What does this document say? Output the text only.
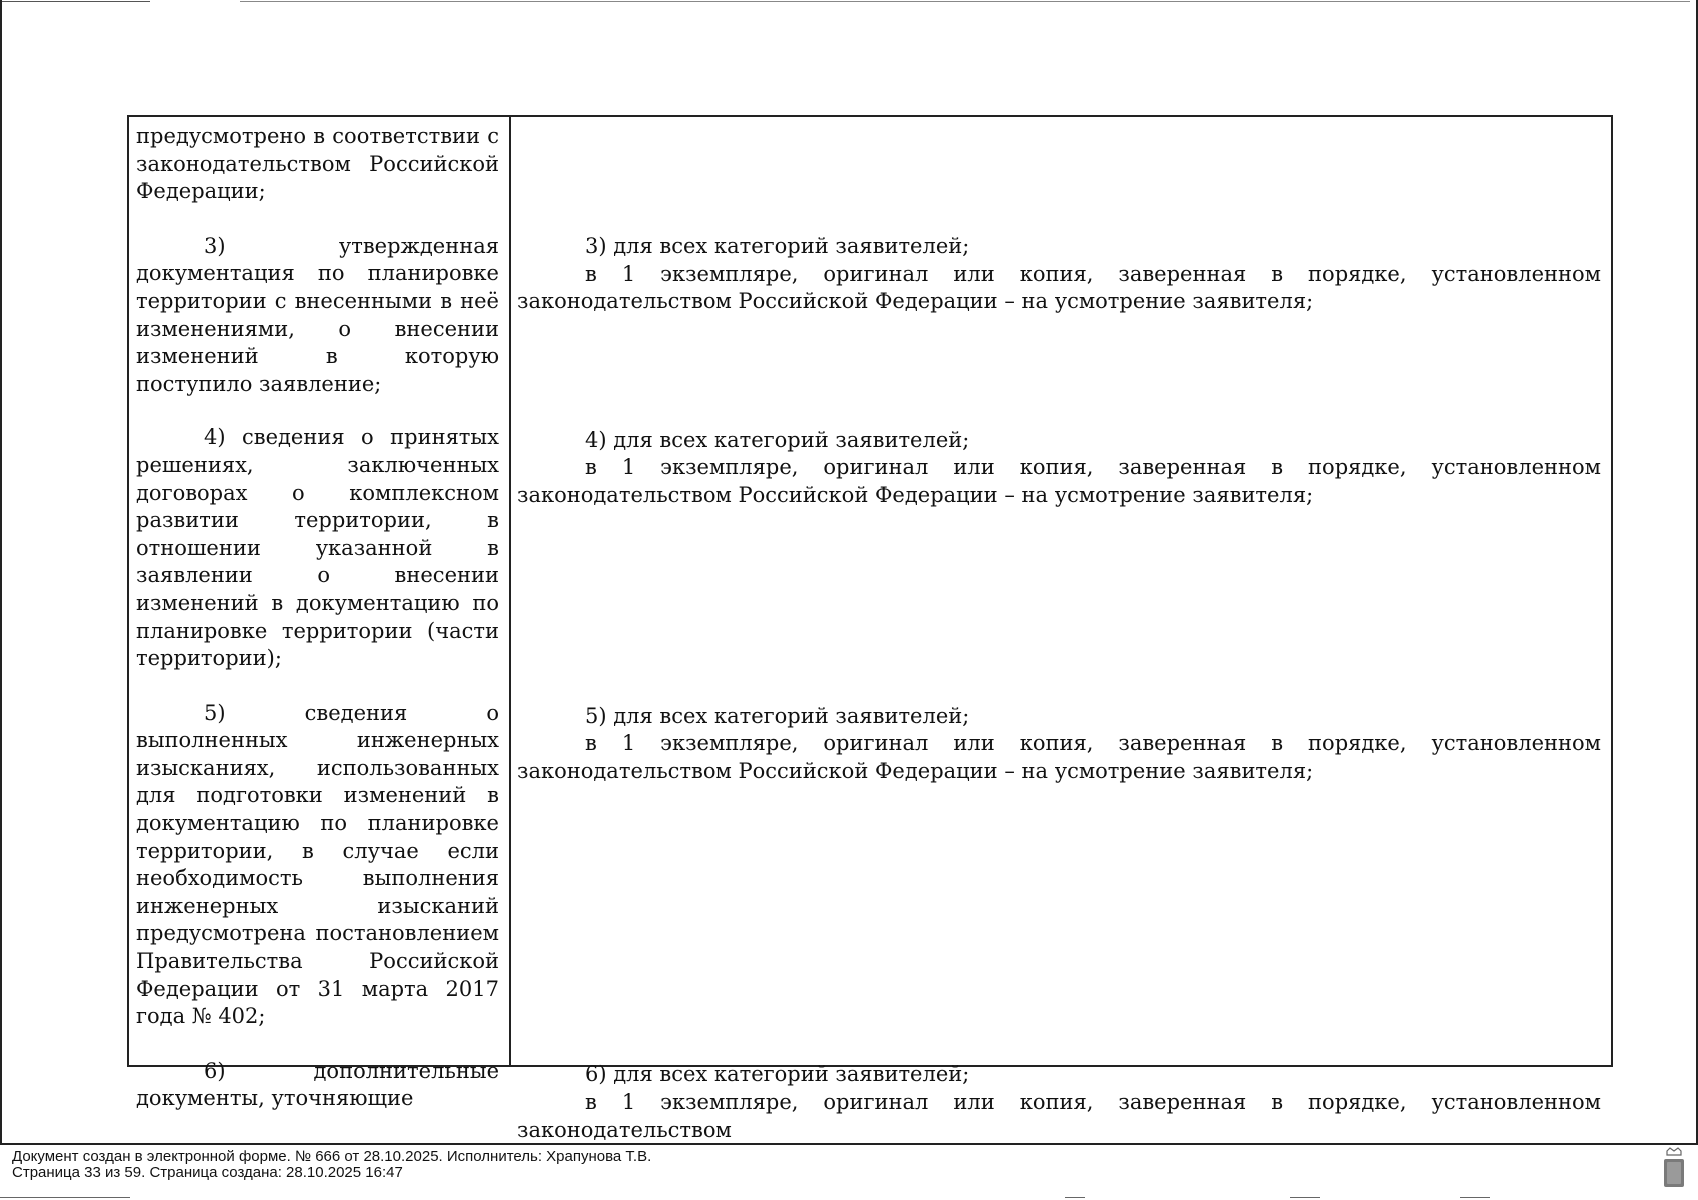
предусмотрено в соответствии с законодательством Российской Федерации;

3) утвержденная документация по планировке территории с внесенными в неё изменениями, о внесении изменений в которую поступило заявление;

4) сведения о принятых решениях, заключенных договорах о комплексном развитии территории, в отношении указанной в заявлении о внесении изменений в документацию по планировке территории (части территории);

5) сведения о выполненных инженерных изысканиях, использованных для подготовки изменений в документацию по планировке территории, в случае если необходимость выполнения инженерных изысканий предусмотрена постановлением Правительства Российской Федерации от 31 марта 2017 года № 402;

6) дополнительные документы, уточняющие

3) для всех категорий заявителей;

в 1 экземпляре, оригинал или копия, заверенная в порядке, установленном законодательством Российской Федерации – на усмотрение заявителя;

4) для всех категорий заявителей;

в 1 экземпляре, оригинал или копия, заверенная в порядке, установленном законодательством Российской Федерации – на усмотрение заявителя;

5) для всех категорий заявителей;

в 1 экземпляре, оригинал или копия, заверенная в порядке, установленном законодательством Российской Федерации – на усмотрение заявителя;

6) для всех категорий заявителей;

в 1 экземпляре, оригинал или копия, заверенная в порядке, установленном законодательством

Документ создан в электронной форме. № 666 от 28.10.2025. Исполнитель: Храпунова Т.В.
Страница 33 из 59. Страница создана: 28.10.2025 16:47
